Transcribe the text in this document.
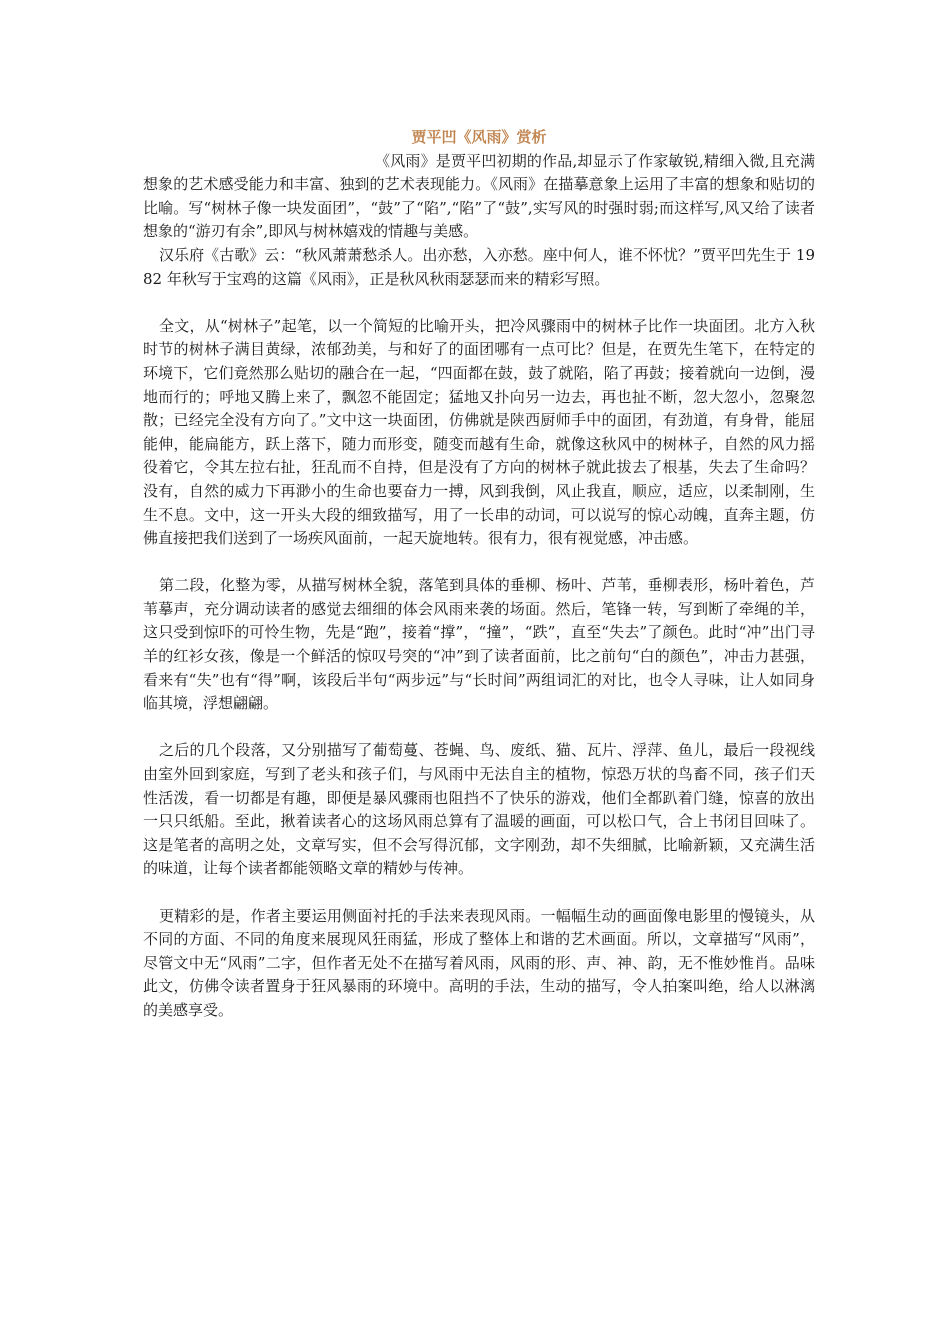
贾平凹《风雨》赏析

《风雨》是贾平凹初期的作品,却显示了作家敏锐,精细入微,且充满想象的艺术感受能力和丰富、独到的艺术表现能力。《风雨》在描摹意象上运用了丰富的想象和贴切的比喻。写“树林子像一块发面团”，“鼓”了“陷”,“陷”了“鼓”,实写风的时强时弱;而这样写,风又给了读者想象的“游刃有余”,即风与树林嬉戏的情趣与美感。

汉乐府《古歌》云：“秋风萧萧愁杀人。出亦愁，入亦愁。座中何人，谁不怀忧？”贾平凹先生于 1982 年秋写于宝鸡的这篇《风雨》，正是秋风秋雨瑟瑟而来的精彩写照。

全文，从“树林子”起笔，以一个简短的比喻开头，把冷风骤雨中的树林子比作一块面团。北方入秋时节的树林子满目黄绿，浓郁劲美，与和好了的面团哪有一点可比？但是，在贾先生笔下，在特定的环境下，它们竟然那么贴切的融合在一起，“四面都在鼓，鼓了就陷，陷了再鼓；接着就向一边倒，漫地而行的；呼地又腾上来了，飘忽不能固定；猛地又扑向另一边去，再也扯不断，忽大忽小，忽聚忽散；已经完全没有方向了。”文中这一块面团，仿佛就是陕西厨师手中的面团，有劲道，有身骨，能屈能伸，能扁能方，跃上落下，随力而形变，随变而越有生命，就像这秋风中的树林子，自然的风力摇役着它，令其左拉右扯，狂乱而不自持，但是没有了方向的树林子就此拔去了根基，失去了生命吗？没有，自然的威力下再渺小的生命也要奋力一搏，风到我倒，风止我直，顺应，适应，以柔制刚，生生不息。文中，这一开头大段的细致描写，用了一长串的动词，可以说写的惊心动魄，直奔主题，仿佛直接把我们送到了一场疾风面前，一起天旋地转。很有力，很有视觉感，冲击感。

第二段，化整为零，从描写树林全貌，落笔到具体的垂柳、杨叶、芦苇，垂柳表形，杨叶着色，芦苇摹声，充分调动读者的感觉去细细的体会风雨来袭的场面。然后，笔锋一转，写到断了牵绳的羊，这只受到惊吓的可怜生物，先是“跑”，接着“撑”，“撞”，“跌”，直至“失去”了颜色。此时“冲”出门寻羊的红衫女孩，像是一个鲜活的惊叹号突的“冲”到了读者面前，比之前句“白的颜色”，冲击力甚强，看来有“失”也有“得”啊，该段后半句“两步远”与“长时间”两组词汇的对比，也令人寻味，让人如同身临其境，浮想翩翩。

之后的几个段落，又分别描写了葡萄蔓、苍蝇、鸟、废纸、猫、瓦片、浮萍、鱼儿，最后一段视线由室外回到家庭，写到了老头和孩子们，与风雨中无法自主的植物，惊恐万状的鸟畜不同，孩子们天性活泼，看一切都是有趣，即便是暴风骤雨也阻挡不了快乐的游戏，他们全都趴着门缝，惊喜的放出一只只纸船。至此，揪着读者心的这场风雨总算有了温暖的画面，可以松口气，合上书闭目回味了。这是笔者的高明之处，文章写实，但不会写得沉郁，文字刚劲，却不失细腻，比喻新颖，又充满生活的味道，让每个读者都能领略文章的精妙与传神。

更精彩的是，作者主要运用侧面衬托的手法来表现风雨。一幅幅生动的画面像电影里的慢镜头，从不同的方面、不同的角度来展现风狂雨猛，形成了整体上和谐的艺术画面。所以，文章描写“风雨”，尽管文中无“风雨”二字，但作者无处不在描写着风雨，风雨的形、声、神、韵，无不惟妙惟肖。品味此文，仿佛令读者置身于狂风暴雨的环境中。高明的手法，生动的描写，令人拍案叫绝，给人以淋漓的美感享受。
